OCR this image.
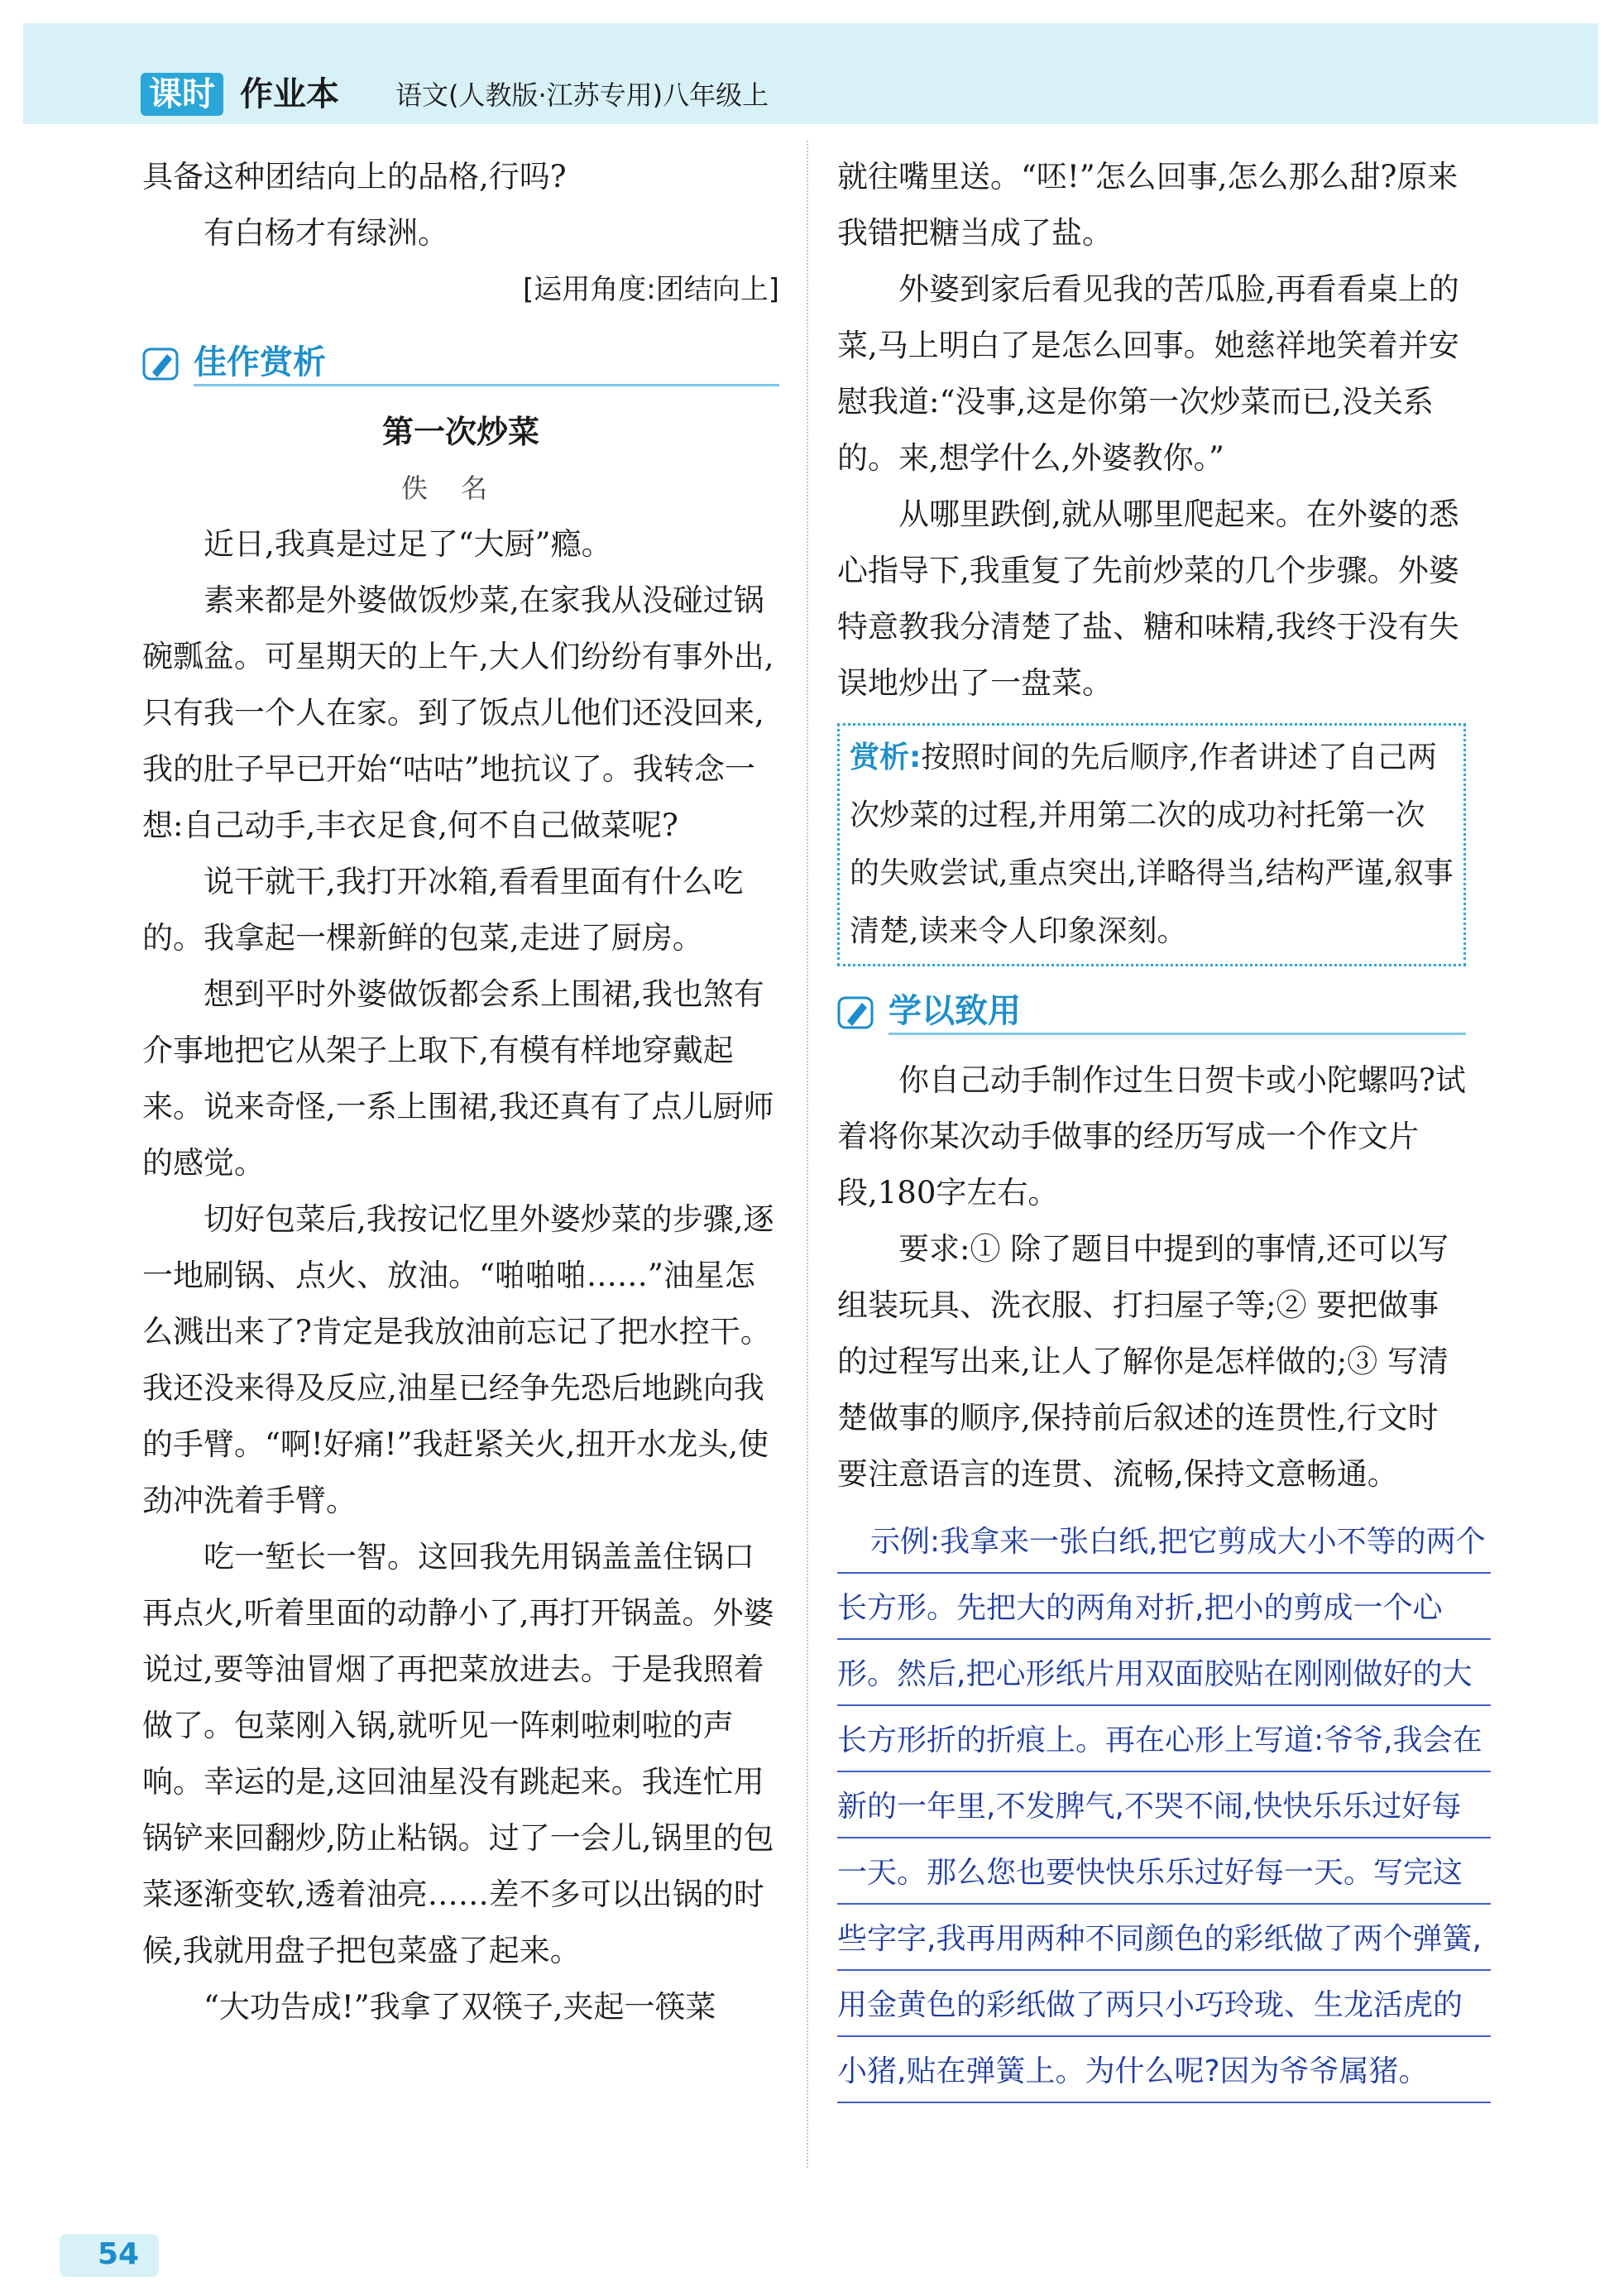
课时 作业本 语文(人教版·江苏专用)八年级上

具备这种团结向上的品格,行吗?

有白杨才有绿洲。

[运用角度:团结向上]

佳作赏析

第一次炒菜

佚名

近日,我真是过足了“大厨”瘾。

素来都是外婆做饭炒菜,在家我从没碰过锅碗瓢盆。可星期天的上午,大人们纷纷有事外出,只有我一个人在家。到了饭点儿他们还没回来,我的肚子早已开始“咕咕”地抗议了。我转念一想:自己动手,丰衣足食,何不自己做菜呢?

说干就干,我打开冰箱,看看里面有什么吃的。我拿起一棵新鲜的包菜,走进了厨房。

想到平时外婆做饭都会系上围裙,我也煞有介事地把它从架子上取下,有模有样地穿戴起来。说来奇怪,一系上围裙,我还真有了点儿厨师的感觉。

切好包菜后,我按记忆里外婆炒菜的步骤,逐一地刷锅、点火、放油。“啪啪啪……”油星怎么溅出来了?肯定是我放油前忘记了把水控干。我还没来得及反应,油星已经争先恐后地跳向我的手臂。“啊!好痛!”我赶紧关火,扭开水龙头,使劲冲洗着手臂。

吃一堑长一智。这回我先用锅盖盖住锅口再点火,听着里面的动静小了,再打开锅盖。外婆说过,要等油冒烟了再把菜放进去。于是我照着做了。包菜刚入锅,就听见一阵刺啦刺啦的声响。幸运的是,这回油星没有跳起来。我连忙用锅铲来回翻炒,防止粘锅。过了一会儿,锅里的包菜逐渐变软,透着油亮……差不多可以出锅的时候,我就用盘子把包菜盛了起来。

“大功告成!”我拿了双筷子,夹起一筷菜

就往嘴里送。“呸!”怎么回事,怎么那么甜?原来我错把糖当成了盐。

外婆到家后看见我的苦瓜脸,再看看桌上的菜,马上明白了是怎么回事。她慈祥地笑着并安慰我道:“没事,这是你第一次炒菜而已,没关系的。来,想学什么,外婆教你。”

从哪里跌倒,就从哪里爬起来。在外婆的悉心指导下,我重复了先前炒菜的几个步骤。外婆特意教我分清楚了盐、糖和味精,我终于没有失误地炒出了一盘菜。

赏析:按照时间的先后顺序,作者讲述了自己两次炒菜的过程,并用第二次的成功衬托第一次的失败尝试,重点突出,详略得当,结构严谨,叙事清楚,读来令人印象深刻。
学以致用

你自己动手制作过生日贺卡或小陀螺吗?试着将你某次动手做事的经历写成一个作文片段,180字左右。

要求:① 除了题目中提到的事情,还可以写组装玩具、洗衣服、打扫屋子等;② 要把做事的过程写出来,让人了解你是怎样做的;③ 写清楚做事的顺序,保持前后叙述的连贯性,行文时要注意语言的连贯、流畅,保持文意畅通。

示例:我拿来一张白纸,把它剪成大小不等的两个长方形。先把大的两角对折,把小的剪成一个心形。然后,把心形纸片用双面胶贴在刚刚做好的大长方形折的折痕上。再在心形上写道:爷爷,我会在新的一年里,不发脾气,不哭不闹,快快乐乐过好每一天。那么您也要快快乐乐过好每一天。写完这些字字,我再用两种不同颜色的彩纸做了两个弹簧,用金黄色的彩纸做了两只小巧玲珑、生龙活虎的小猪,贴在弹簧上。为什么呢?因为爷爷属猪。
54
